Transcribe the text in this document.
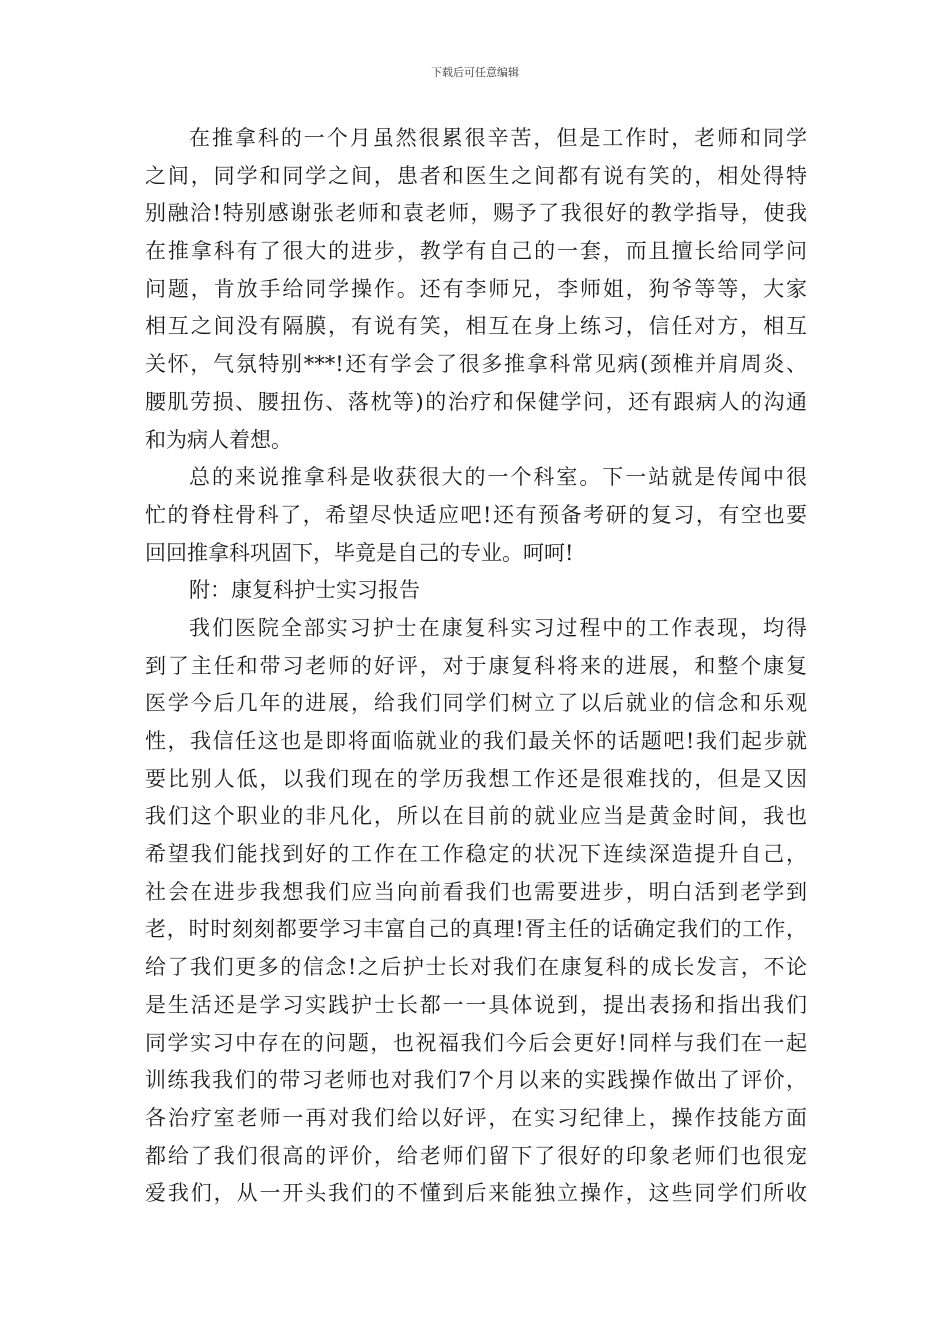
下载后可任意编辑
在推拿科的一个月虽然很累很辛苦，但是工作时，老师和同学
之间，同学和同学之间，患者和医生之间都有说有笑的，相处得特
别融洽!特别感谢张老师和袁老师，赐予了我很好的教学指导，使我
在推拿科有了很大的进步，教学有自己的一套，而且擅长给同学问
问题，肯放手给同学操作。还有李师兄，李师姐，狗爷等等，大家
相互之间没有隔膜，有说有笑，相互在身上练习，信任对方，相互
关怀，气氛特别***!还有学会了很多推拿科常见病(颈椎并肩周炎、
腰肌劳损、腰扭伤、落枕等)的治疗和保健学问，还有跟病人的沟通
和为病人着想。
总的来说推拿科是收获很大的一个科室。下一站就是传闻中很
忙的脊柱骨科了，希望尽快适应吧!还有预备考研的复习，有空也要
回回推拿科巩固下，毕竟是自己的专业。呵呵!
附：康复科护士实习报告
我们医院全部实习护士在康复科实习过程中的工作表现，均得
到了主任和带习老师的好评，对于康复科将来的进展，和整个康复
医学今后几年的进展，给我们同学们树立了以后就业的信念和乐观
性，我信任这也是即将面临就业的我们最关怀的话题吧!我们起步就
要比别人低，以我们现在的学历我想工作还是很难找的，但是又因
我们这个职业的非凡化，所以在目前的就业应当是黄金时间，我也
希望我们能找到好的工作在工作稳定的状况下连续深造提升自己，
社会在进步我想我们应当向前看我们也需要进步，明白活到老学到
老，时时刻刻都要学习丰富自己的真理!胥主任的话确定我们的工作，
给了我们更多的信念!之后护士长对我们在康复科的成长发言，不论
是生活还是学习实践护士长都一一具体说到，提出表扬和指出我们
同学实习中存在的问题，也祝福我们今后会更好!同样与我们在一起
训练我我们的带习老师也对我们7个月以来的实践操作做出了评价，
各治疗室老师一再对我们给以好评，在实习纪律上，操作技能方面
都给了我们很高的评价，给老师们留下了很好的印象老师们也很宠
爱我们，从一开头我们的不懂到后来能独立操作，这些同学们所收
